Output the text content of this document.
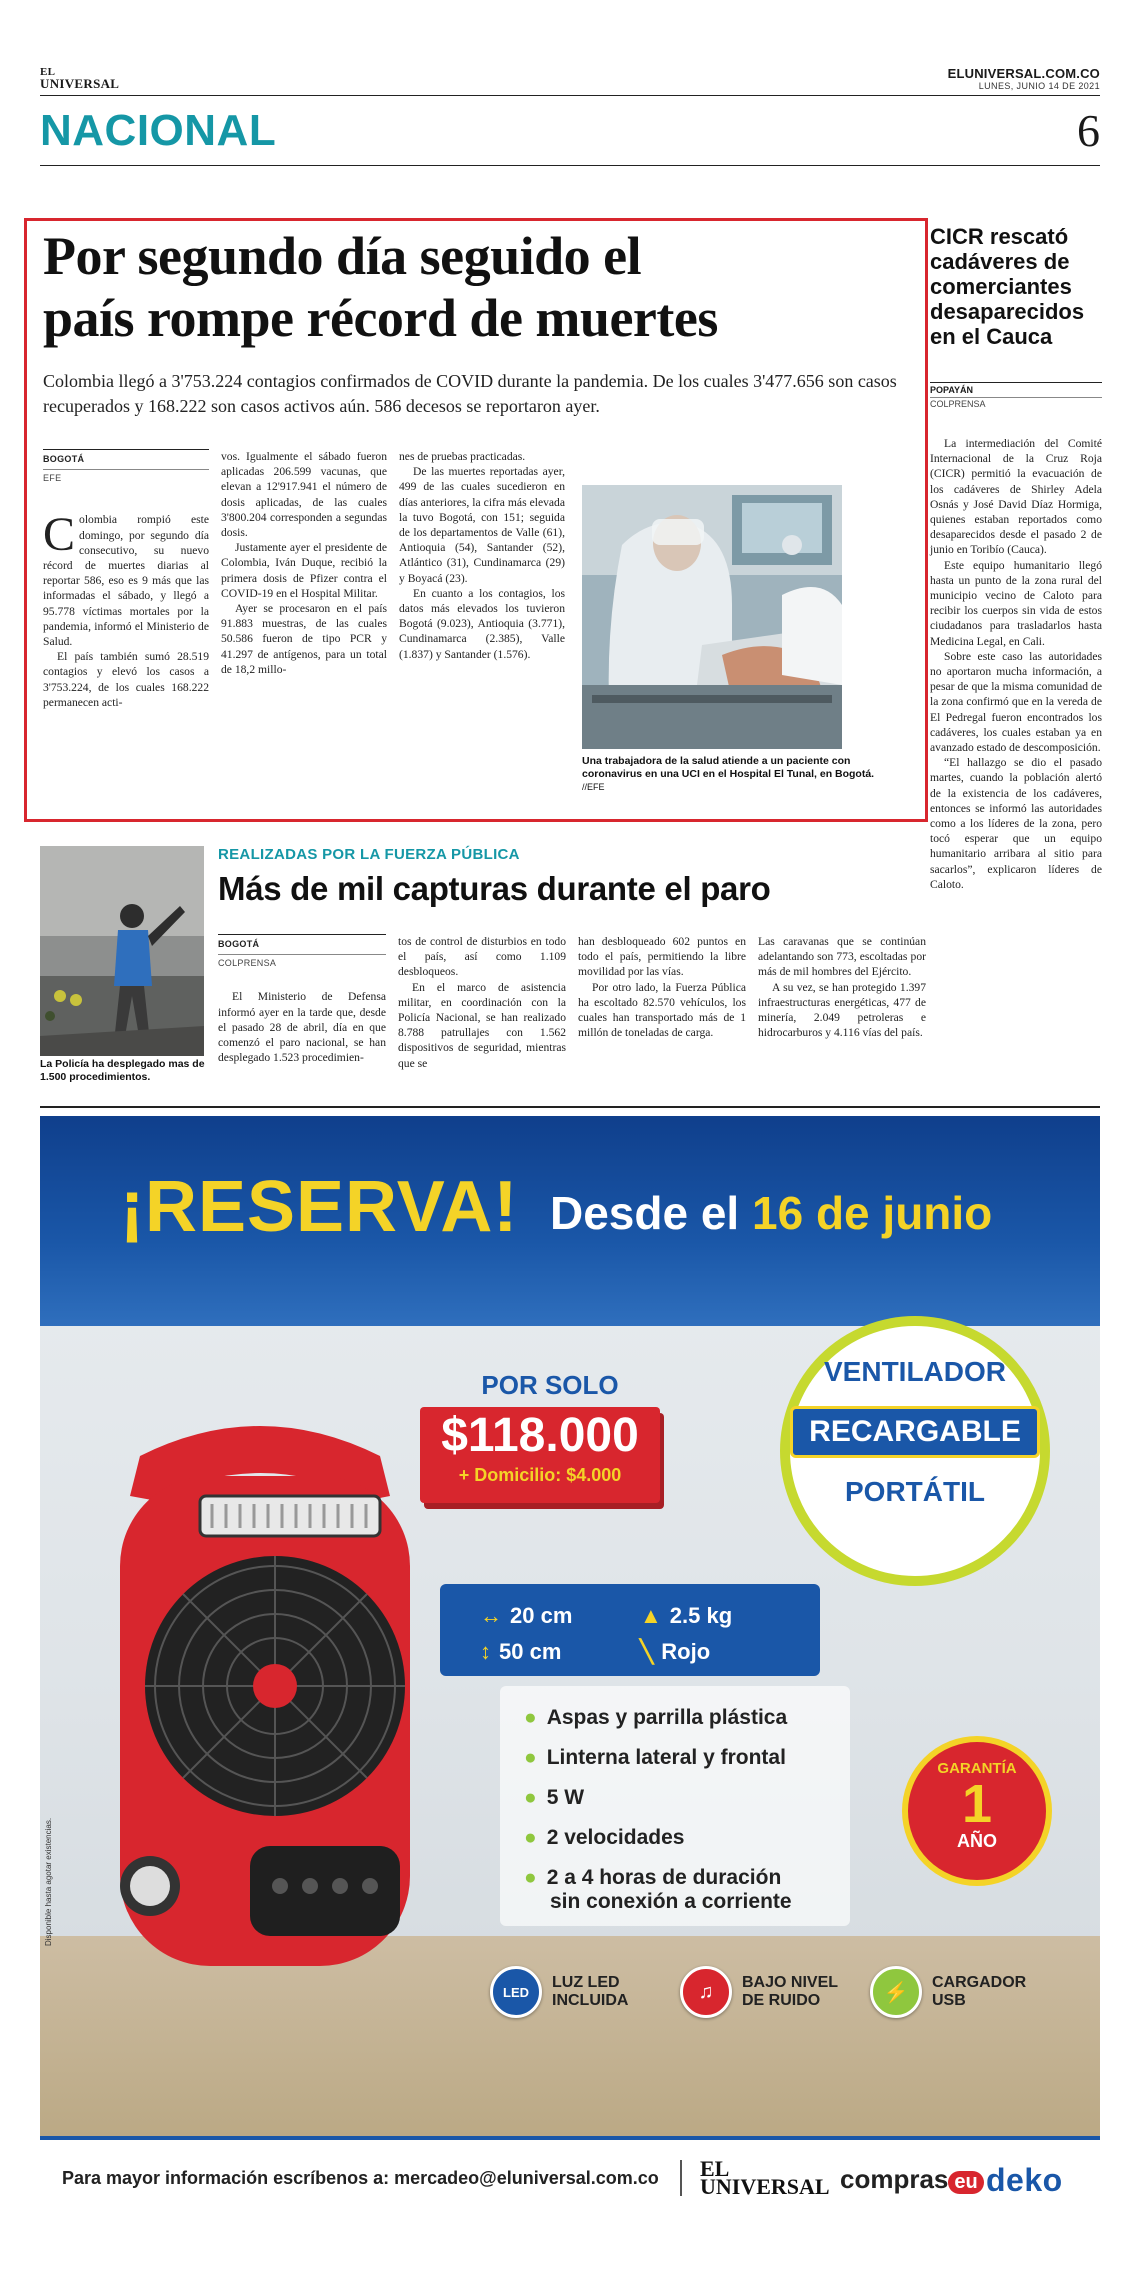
EL
UNIVERSAL
ELUNIVERSAL.COM.CO
LUNES, JUNIO 14 DE 2021
NACIONAL	6
Por segundo día seguido el
país rompe récord de muertes

Colombia llegó a 3'753.224 contagios confirmados de COVID durante la pandemia. De los cuales 3'477.656 son casos recuperados y 168.222 son casos activos aún. 586 decesos se reportaron ayer.

BOGOTÁ
EFE

Colombia rompió este domingo, por segundo día consecutivo, su nuevo récord de muertes diarias al reportar 586, eso es 9 más que las informadas el sábado, y llegó a 95.778 víctimas mortales por la pandemia, informó el Ministerio de Salud.

El país también sumó 28.519 contagios y elevó los casos a 3'753.224, de los cuales 168.222 permanecen acti-

vos. Igualmente el sábado fueron aplicadas 206.599 vacunas, que elevan a 12'917.941 el número de dosis aplicadas, de las cuales 3'800.204 corresponden a segundas dosis.

Justamente ayer el presidente de Colombia, Iván Duque, recibió la primera dosis de Pfizer contra el COVID-19 en el Hospital Militar.

Ayer se procesaron en el país 91.883 muestras, de las cuales 50.586 fueron de tipo PCR y 41.297 de antígenos, para un total de 18,2 millo-

nes de pruebas practicadas.

De las muertes reportadas ayer, 499 de las cuales sucedieron en días anteriores, la cifra más elevada la tuvo Bogotá, con 151; seguida de los departamentos de Valle (61), Antioquia (54), Santander (52), Atlántico (31), Cundinamarca (29) y Boyacá (23).

En cuanto a los contagios, los datos más elevados los tuvieron Bogotá (9.023), Antioquia (3.771), Cundinamarca (2.385), Valle (1.837) y Santander (1.576).

Una trabajadora de la salud atiende a un paciente con coronavirus en una UCI en el Hospital El Tunal, en Bogotá. //EFE
CICR rescató cadáveres de comerciantes desaparecidos en el Cauca
POPAYÁN
COLPRENSA

La intermediación del Comité Internacional de la Cruz Roja (CICR) permitió la evacuación de los cadáveres de Shirley Adela Osnás y José David Díaz Hormiga, quienes estaban reportados como desaparecidos desde el pasado 2 de junio en Toribío (Cauca).

Este equipo humanitario llegó hasta un punto de la zona rural del municipio vecino de Caloto para recibir los cuerpos sin vida de estos ciudadanos para trasladarlos hasta Medicina Legal, en Cali.

Sobre este caso las autoridades no aportaron mucha información, a pesar de que la misma comunidad de la zona confirmó que en la vereda de El Pedregal fueron encontrados los cadáveres, los cuales estaban ya en avanzado estado de descomposición.

“El hallazgo se dio el pasado martes, cuando la población alertó de la existencia de los cadáveres, entonces se informó las autoridades como a los líderes de la zona, pero tocó esperar que un equipo humanitario arribara al sitio para sacarlos”, explicaron líderes de Caloto.

La Policía ha desplegado mas de 1.500 procedimientos.
REALIZADAS POR LA FUERZA PÚBLICA
Más de mil capturas durante el paro
BOGOTÁ
COLPRENSA

El Ministerio de Defensa informó ayer en la tarde que, desde el pasado 28 de abril, día en que comenzó el paro nacional, se han desplegado 1.523 procedimien-

tos de control de disturbios en todo el país, así como 1.109 desbloqueos.

En el marco de asistencia militar, en coordinación con la Policía Nacional, se han realizado 8.788 patrullajes con 1.562 dispositivos de seguridad, mientras que se

han desbloqueado 602 puntos en todo el país, permitiendo la libre movilidad por las vías.

Por otro lado, la Fuerza Pública ha escoltado 82.570 vehículos, los cuales han transportado más de 1 millón de toneladas de carga.

Las caravanas que se continúan adelantando son 773, escoltadas por más de mil hombres del Ejército.

A su vez, se han protegido 1.397 infraestructuras energéticas, 477 de minería, 2.049 petroleras e hidrocarburos y 4.116 vías del país.

¡RESERVA! Desde el 16 de junio
POR SOLO
$118.000
+ Domicilio: $4.000
VENTILADOR
RECARGABLE
PORTÁTIL
↔ 20 cm	▲ 2.5 kg
↕ 50 cm	╲ Rojo
● Aspas y parrilla plástica
● Linterna lateral y frontal
● 5 W
● 2 velocidades
● 2 a 4 horas de duración
sin conexión a corriente
GARANTÍA
1
AÑO
LED
LUZ LED
INCLUIDA	♫	BAJO NIVEL
DE RUIDO	⚡	CARGADOR
USB
Disponible hasta agotar existencias.
Para mayor información escríbenos a: mercadeo@eluniversal.com.co	EL
UNIVERSAL compras eu deko
